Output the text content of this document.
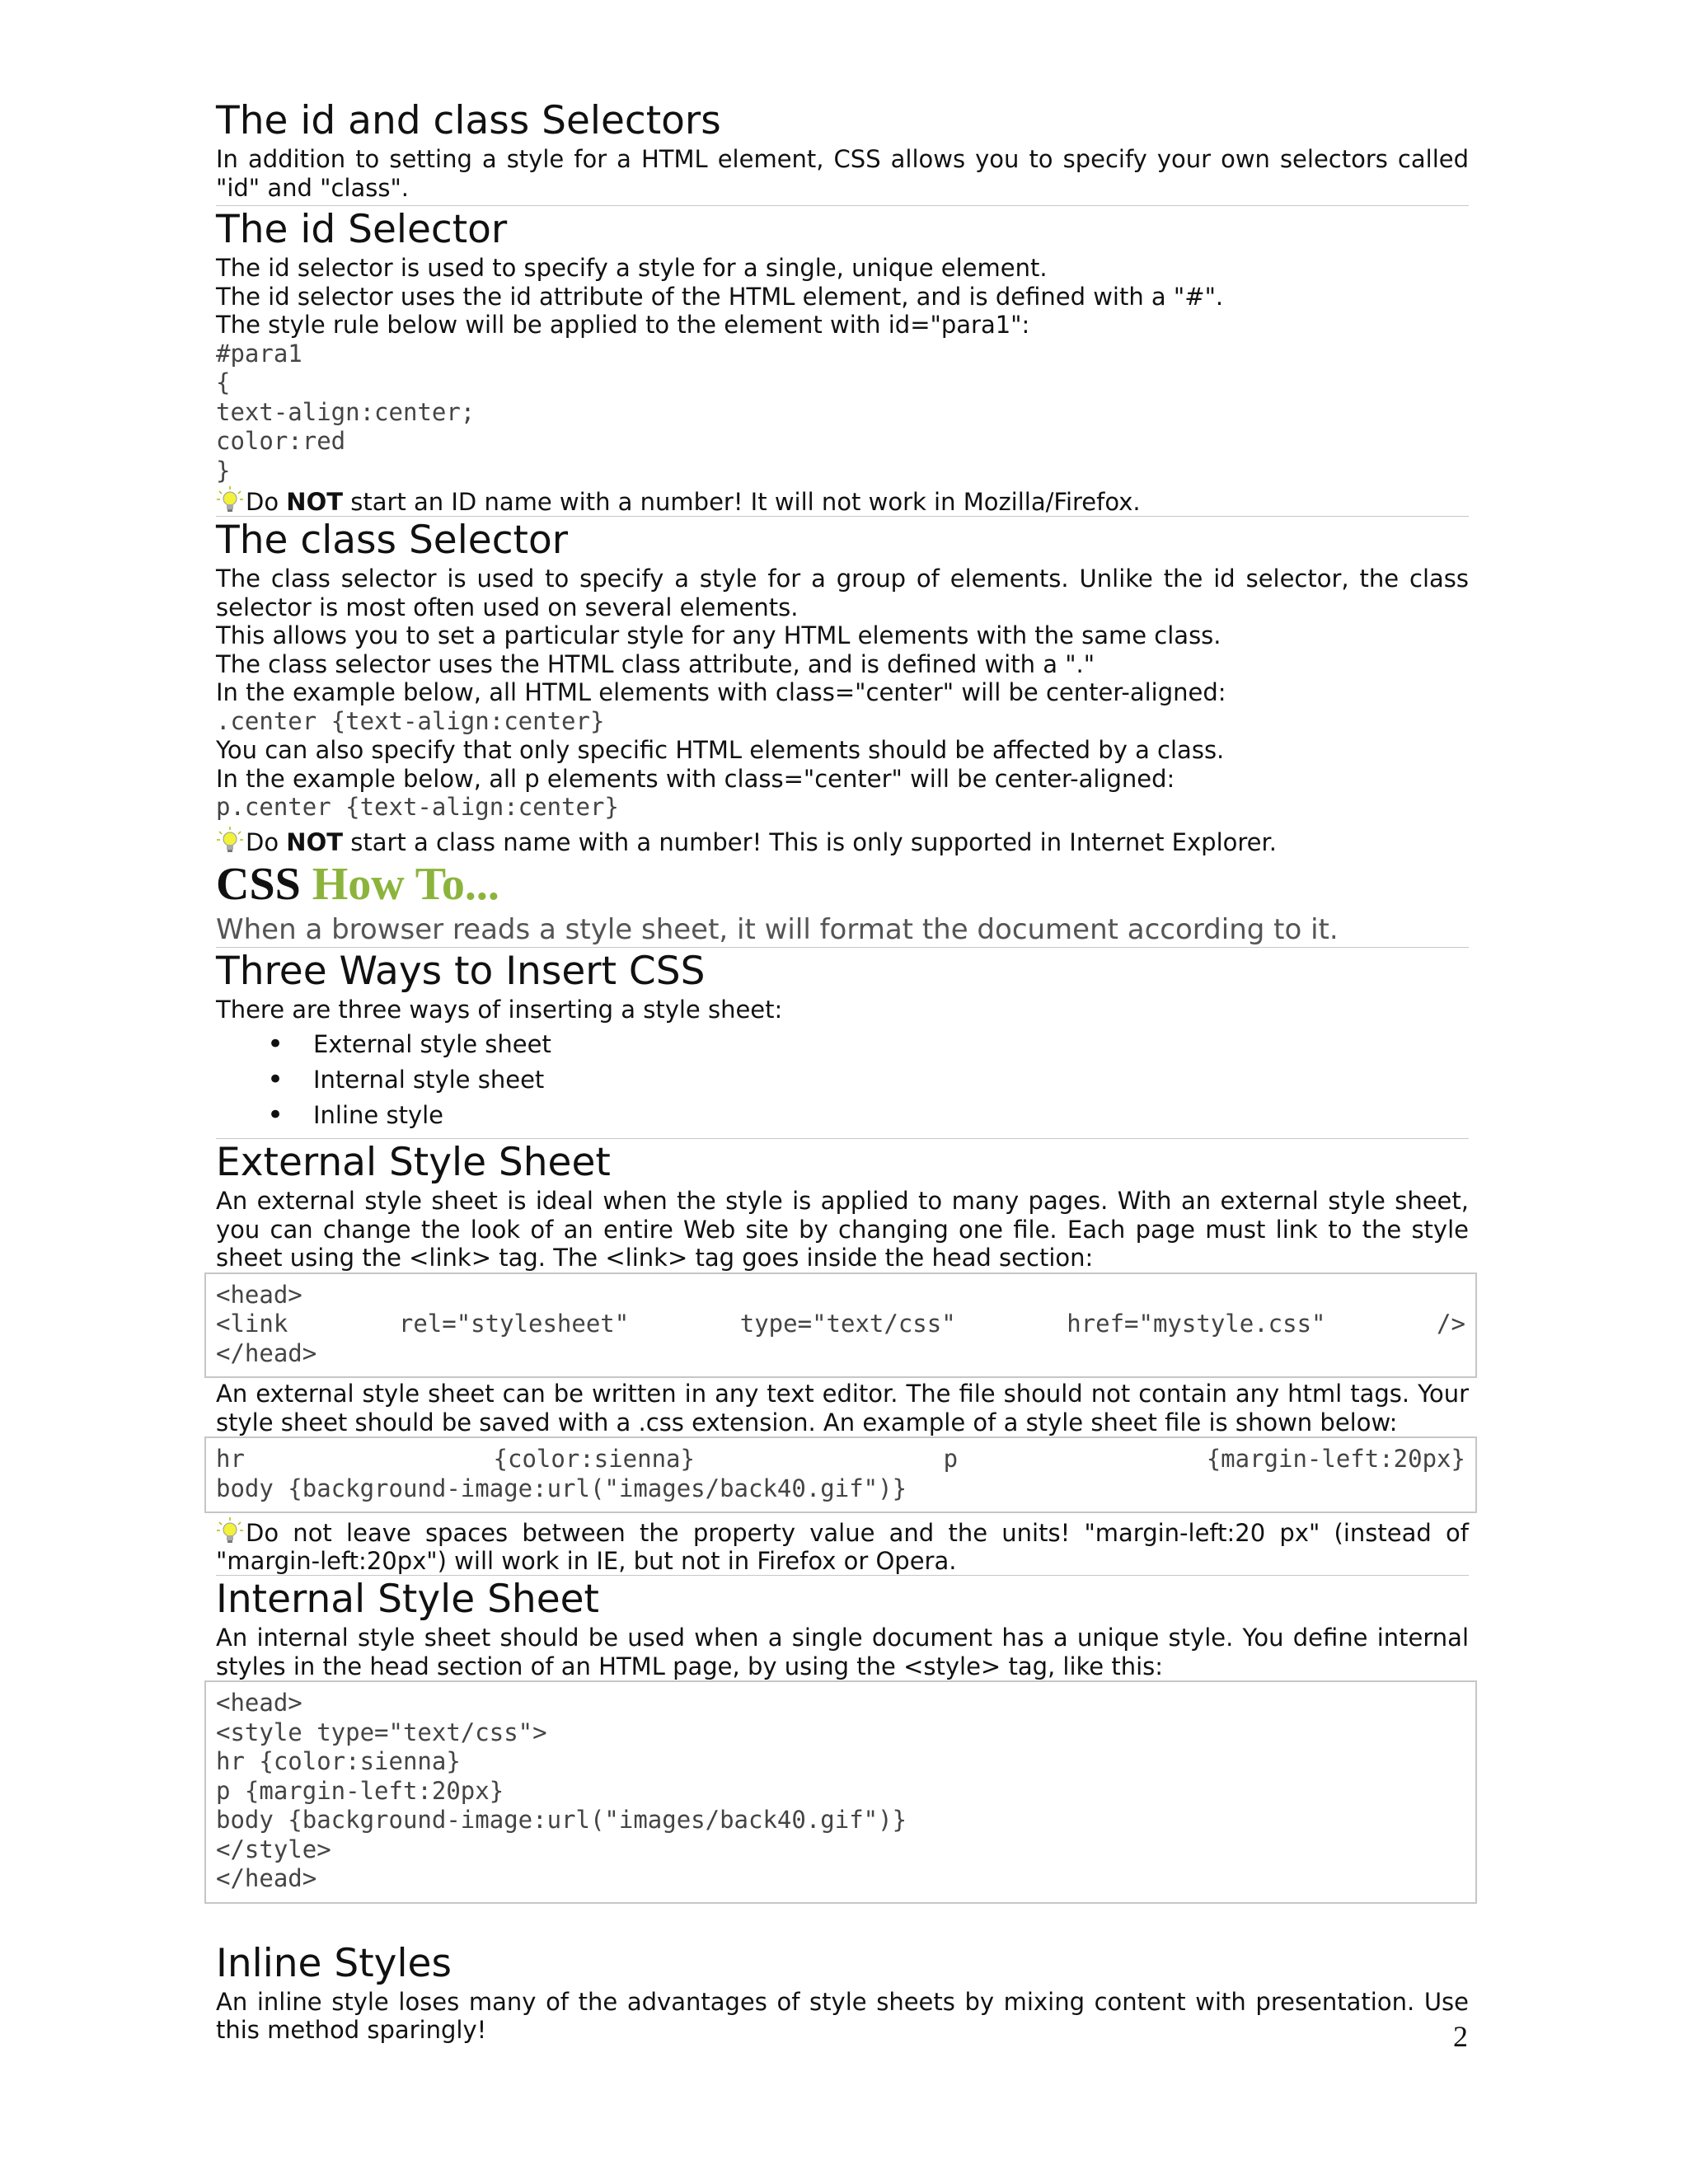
The id and class Selectors

In addition to setting a style for a HTML element, CSS allows you to specify your own selectors called "id" and "class".

The id Selector

The id selector is used to specify a style for a single, unique element.

The id selector uses the id attribute of the HTML element, and is defined with a "#".

The style rule below will be applied to the element with id="para1":

#para1
{
text-align:center;
color:red
}

Do NOT start an ID name with a number! It will not work in Mozilla/Firefox.

The class Selector

The class selector is used to specify a style for a group of elements. Unlike the id selector, the class selector is most often used on several elements.

This allows you to set a particular style for any HTML elements with the same class.

The class selector uses the HTML class attribute, and is defined with a "."

In the example below, all HTML elements with class="center" will be center-aligned:

.center {text-align:center}

You can also specify that only specific HTML elements should be affected by a class.

In the example below, all p elements with class="center" will be center-aligned:

p.center {text-align:center}

Do NOT start a class name with a number! This is only supported in Internet Explorer.

CSS How To...

When a browser reads a style sheet, it will format the document according to it.

Three Ways to Insert CSS

There are three ways of inserting a style sheet:

• External style sheet
• Internal style sheet
• Inline style
External Style Sheet

An external style sheet is ideal when the style is applied to many pages. With an external style sheet, you can change the look of an entire Web site by changing one file. Each page must link to the style sheet using the <link> tag. The <link> tag goes inside the head section:

<head>
<link	rel="stylesheet"	type="text/css"	href="mystyle.css"	/>
</head>

An external style sheet can be written in any text editor. The file should not contain any html tags. Your style sheet should be saved with a .css extension. An example of a style sheet file is shown below:

hr	{color:sienna}	p	{margin-left:20px}
body {background-image:url("images/back40.gif")}

Do not leave spaces between the property value and the units! "margin-left:20 px" (instead of "margin-left:20px") will work in IE, but not in Firefox or Opera.

Internal Style Sheet

An internal style sheet should be used when a single document has a unique style. You define internal styles in the head section of an HTML page, by using the <style> tag, like this:

<head>
<style type="text/css">
hr {color:sienna}
p {margin-left:20px}
body {background-image:url("images/back40.gif")}
</style>
</head>
Inline Styles

An inline style loses many of the advantages of style sheets by mixing content with presentation. Use this method sparingly!	2
